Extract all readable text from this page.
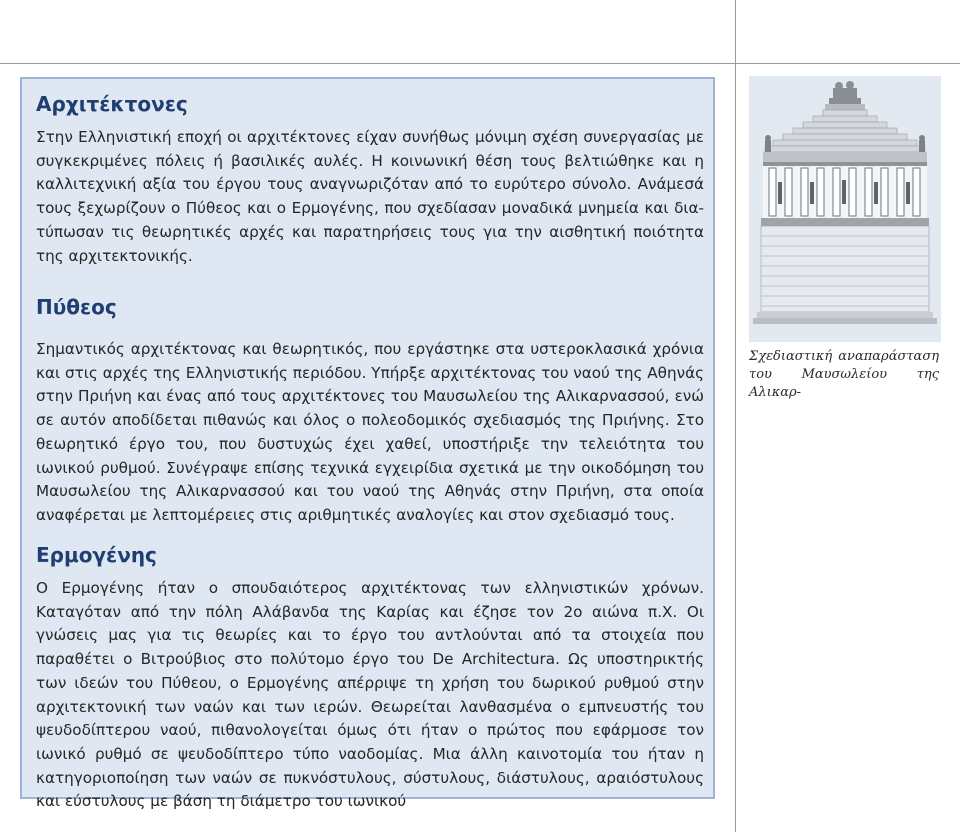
Αρχιτέκτονες

Στην Ελληνιστική εποχή οι αρχιτέκτονες είχαν συνήθως μόνιμη σχέση συνεργασίας με συγκεκριμένες πόλεις ή βασιλικές αυλές. Η κοινωνική θέση τους βελτιώθηκε και η καλλιτεχνική αξία του έργου τους αναγνωριζόταν από το ευρύτερο σύνολο. Ανάμεσά τους ξεχωρίζουν ο Πύθεος και ο Ερμογένης, που σχεδίασαν μοναδικά μνημεία και διατύπωσαν τις θεωρητικές αρχές και παρατηρήσεις τους για την αισθητική ποιότητα της αρχιτεκτονικής.

Πύθεος

Σημαντικός αρχιτέκτονας και θεωρητικός, που εργάστηκε στα υστεροκλασικά χρόνια και στις αρχές της Ελληνιστικής περιόδου. Υπήρξε αρχιτέκτονας του ναού της Αθηνάς στην Πριήνη και ένας από τους αρχιτέκτονες του Μαυσωλείου της Αλικαρνασσού, ενώ σε αυτόν αποδίδεται πιθανώς και όλος ο πολεοδομικός σχεδιασμός της Πριήνης. Στο θεωρητικό έργο του, που δυστυχώς έχει χαθεί, υποστήριξε την τελειότητα του ιωνικού ρυθμού. Συνέγραψε επίσης τεχνικά εγχειρίδια σχετικά με την οικοδόμηση του Μαυσωλείου της Αλικαρνασσού και του ναού της Αθηνάς στην Πριήνη, στα οποία αναφέρεται με λεπτομέρειες στις αριθμητικές αναλογίες και στον σχεδιασμό τους.

Ερμογένης

Ο Ερμογένης ήταν ο σπουδαιότερος αρχιτέκτονας των ελληνιστικών χρόνων. Καταγόταν από την πόλη Αλάβανδα της Καρίας και έζησε τον 2ο αιώνα π.Χ. Οι γνώσεις μας για τις θεωρίες και το έργο του αντλούνται από τα στοιχεία που παραθέτει ο Βιτρούβιος στο πολύτομο έργο του De Architectura. Ως υποστηρικτής των ιδεών του Πύθεου, ο Ερμογένης απέρριψε τη χρήση του δωρικού ρυθμού στην αρχιτεκτονική των ναών και των ιερών. Θεωρείται λανθασμένα ο εμπνευστής του ψευδοδίπτερου ναού, πιθανολογείται όμως ότι ήταν ο πρώτος που εφάρμοσε τον ιωνικό ρυθμό σε ψευδοδίπτερο τύπο ναοδομίας. Μια άλλη καινοτομία του ήταν η κατηγοριοποίηση των ναών σε πυκνόστυλους, σύστυλους, διάστυλους, αραιόστυλους και εύστυλους με βάση τη διάμετρο του ιωνικού

Σχεδιαστική αναπαράσταση
του Μαυσωλείου της Αλικαρ-
